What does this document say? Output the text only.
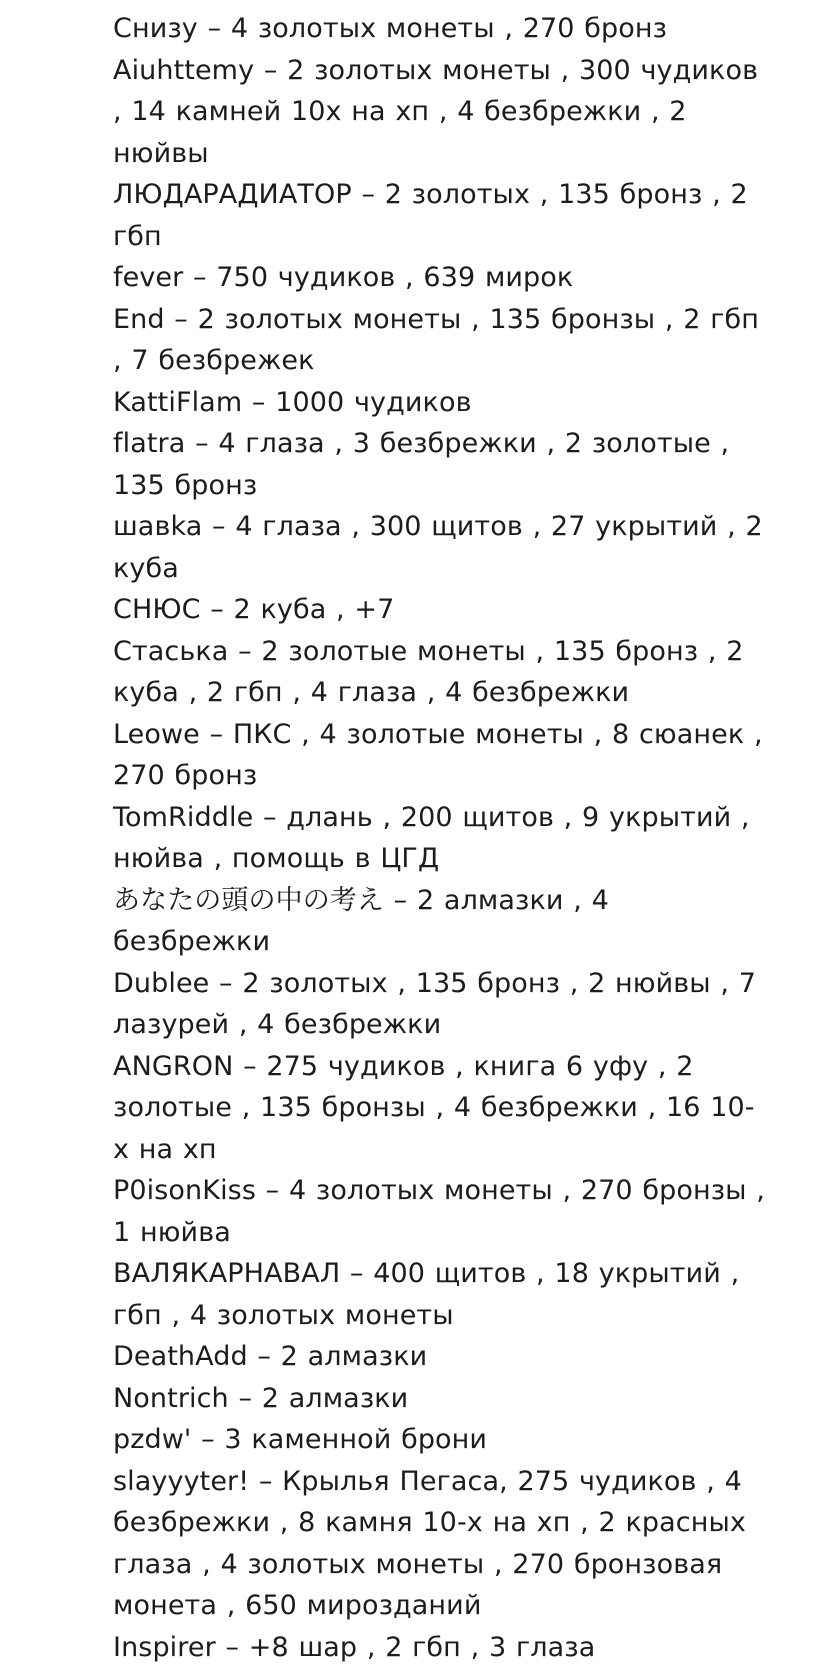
Снизу – 4 золотых монеты , 270 бронз
Aiuhttemy – 2 золотых монеты , 300 чудиков , 14 камней 10х на хп , 4 безбрежки , 2 нюйвы
ЛЮДАРАДИАТОР – 2 золотых , 135 бронз , 2 гбп
fever – 750 чудиков , 639 мирок
End – 2 золотых монеты , 135 бронзы , 2 гбп , 7 безбрежек
KattiFlam – 1000 чудиков
flatra – 4 глаза , 3 безбрежки , 2 золотые , 135 бронз
шавka – 4 глаза , 300 щитов , 27 укрытий , 2 куба
СНЮС – 2 куба , +7
Стаська – 2 золотые монеты , 135 бронз , 2 куба , 2 гбп , 4 глаза , 4 безбрежки
Leowe – ПКС , 4 золотые монеты , 8 сюанек , 270 бронз
TomRiddle – длань , 200 щитов , 9 укрытий , нюйва , помощь в ЦГД
あなたの頭の中の考え – 2 алмазки , 4 безбрежки
Dublee – 2 золотых , 135 бронз , 2 нюйвы , 7 лазурей , 4 безбрежки
ANGRON – 275 чудиков , книга 6 уфу , 2 золотые , 135 бронзы , 4 безбрежки , 16 10-х на хп
P0isonKiss – 4 золотых монеты , 270 бронзы , 1 нюйва
ВАЛЯКАРНАВАЛ – 400 щитов , 18 укрытий , гбп , 4 золотых монеты
DeathAdd – 2 алмазки
Nontrich – 2 алмазки
pzdw' – 3 каменной брони
slayyyter! – Крылья Пегаса, 275 чудиков , 4 безбрежки , 8 камня 10-х на хп , 2 красных глаза , 4 золотых монеты , 270 бронзовая монета , 650 мирозданий
Inspirer – +8 шар , 2 гбп , 3 глаза
